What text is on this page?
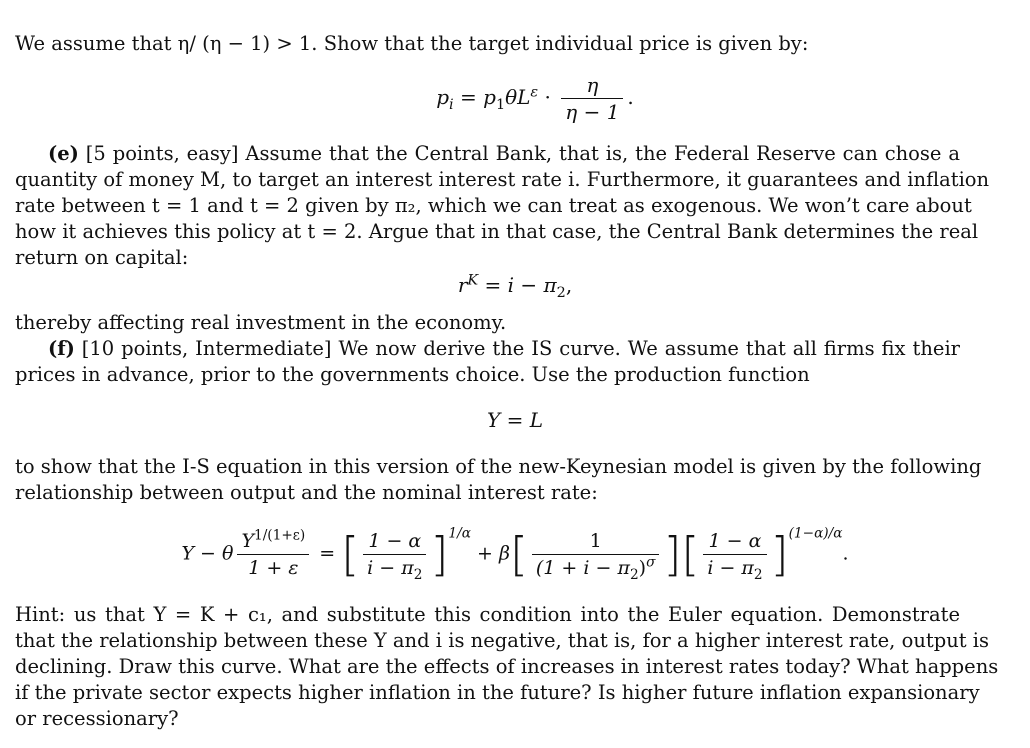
We assume that η/ (η − 1) > 1. Show that the target individual price is given by:
$p_i = p_1\theta L^\varepsilon \cdot \frac{\eta}{\eta - 1}$ .
(e) [5 points, easy] Assume that the Central Bank, that is, the Federal Reserve can chose a
quantity of money M, to target an interest interest rate i. Furthermore, it guarantees and inflation
rate between t = 1 and t = 2 given by π₂, which we can treat as exogenous. We won’t care about
how it achieves this policy at t = 2. Argue that in that case, the Central Bank determines the real
return on capital:
$r^K = i - \pi_2$,
thereby affecting real investment in the economy.
(f) [10 points, Intermediate] We now derive the IS curve. We assume that all firms fix their
prices in advance, prior to the governments choice. Use the production function
Y = L
to show that the I-S equation in this version of the new-Keynesian model is given by the following
relationship between output and the nominal interest rate:
Y − θ $\frac{Y^{1/(1+\varepsilon)}}{1 + \varepsilon}$ = [ $\frac{1 - \alpha}{i - \pi_2} ]^{1/\alpha} + \beta[ \frac{1}{(1 + i - \pi_2)^\sigma}$ ][ $\frac{1 - \alpha}{i - \pi_2} ]^{(1-\alpha)/\alpha}$.
Hint: us that Y = K + c₁, and substitute this condition into the Euler equation. Demonstrate
that the relationship between these Y and i is negative, that is, for a higher interest rate, output is
declining. Draw this curve. What are the effects of increases in interest rates today? What happens
if the private sector expects higher inflation in the future? Is higher future inflation expansionary
or recessionary?
